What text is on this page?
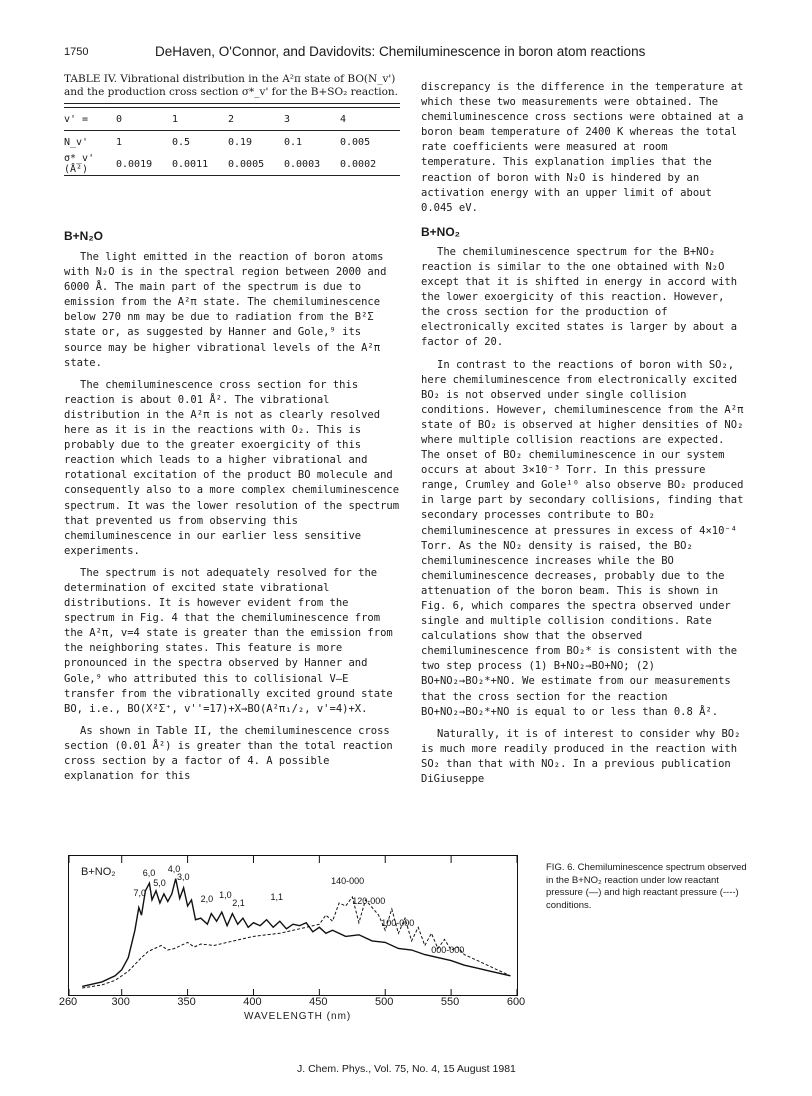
1750	DeHaven, O'Connor, and Davidovits: Chemiluminescence in boron atom reactions
TABLE IV. Vibrational distribution in the A²π state of BO(N_v') and the production cross section σ*_v' for the B+SO₂ reaction.
v' =	0	1	2	3	4
N_v'	1	0.5	0.19	0.1	0.005
σ*_v' (Å²)	0.0019	0.0011	0.0005	0.0003	0.0002
B+N₂O

The light emitted in the reaction of boron atoms with N₂O is in the spectral region between 2000 and 6000 Å. The main part of the spectrum is due to emission from the A²π state. The chemiluminescence below 270 nm may be due to radiation from the B²Σ state or, as suggested by Hanner and Gole,⁹ its source may be higher vibrational levels of the A²π state.

The chemiluminescence cross section for this reaction is about 0.01 Å². The vibrational distribution in the A²π is not as clearly resolved here as it is in the reactions with O₂. This is probably due to the greater exoergicity of this reaction which leads to a higher vibrational and rotational excitation of the product BO molecule and consequently also to a more complex chemiluminescence spectrum. It was the lower resolution of the spectrum that prevented us from observing this chemiluminescence in our earlier less sensitive experiments.

The spectrum is not adequately resolved for the determination of excited state vibrational distributions. It is however evident from the spectrum in Fig. 4 that the chemiluminescence from the A²π, v=4 state is greater than the emission from the neighboring states. This feature is more pronounced in the spectra observed by Hanner and Gole,⁹ who attributed this to collisional V–E transfer from the vibrationally excited ground state BO, i.e., BO(X²Σ⁺, v''=17)+X→BO(A²π₁/₂, v'=4)+X.

As shown in Table II, the chemiluminescence cross section (0.01 Å²) is greater than the total reaction cross section by a factor of 4. A possible explanation for this

discrepancy is the difference in the temperature at which these two measurements were obtained. The chemiluminescence cross sections were obtained at a boron beam temperature of 2400 K whereas the total rate coefficients were measured at room temperature. This explanation implies that the reaction of boron with N₂O is hindered by an activation energy with an upper limit of about 0.045 eV.

B+NO₂

The chemiluminescence spectrum for the B+NO₂ reaction is similar to the one obtained with N₂O except that it is shifted in energy in accord with the lower exoergicity of this reaction. However, the cross section for the production of electronically excited states is larger by about a factor of 20.

In contrast to the reactions of boron with SO₂, here chemiluminescence from electronically excited BO₂ is not observed under single collision conditions. However, chemiluminescence from the A²π state of BO₂ is observed at higher densities of NO₂ where multiple collision reactions are expected. The onset of BO₂ chemiluminescence in our system occurs at about 3×10⁻³ Torr. In this pressure range, Crumley and Gole¹⁰ also observe BO₂ produced in large part by secondary collisions, finding that secondary processes contribute to BO₂ chemiluminescence at pressures in excess of 4×10⁻⁴ Torr. As the NO₂ density is raised, the BO₂ chemiluminescence increases while the BO chemiluminescence decreases, probably due to the attenuation of the boron beam. This is shown in Fig. 6, which compares the spectra observed under single and multiple collision conditions. Rate calculations show that the observed chemiluminescence from BO₂* is consistent with the two step process (1) B+NO₂→BO+NO; (2) BO+NO₂→BO₂*+NO. We estimate from our measurements that the cross section for the reaction BO+NO₂→BO₂*+NO is equal to or less than 0.8 Å².

Naturally, it is of interest to consider why BO₂ is much more readily produced in the reaction with SO₂ than that with NO₂. In a previous publication DiGiuseppe

B+NO₂
7,0
6,0
5,0
4,0
3,0
2,0 1,0
2,1
1,1
140-000
120-000
100-000
000-000
260	300	350	400	450	500	550	600
WAVELENGTH (nm)
FIG. 6. Chemiluminescence spectrum observed in the B+NO₂ reaction under low reactant pressure (—) and high reactant pressure (----) conditions.
J. Chem. Phys., Vol. 75, No. 4, 15 August 1981
